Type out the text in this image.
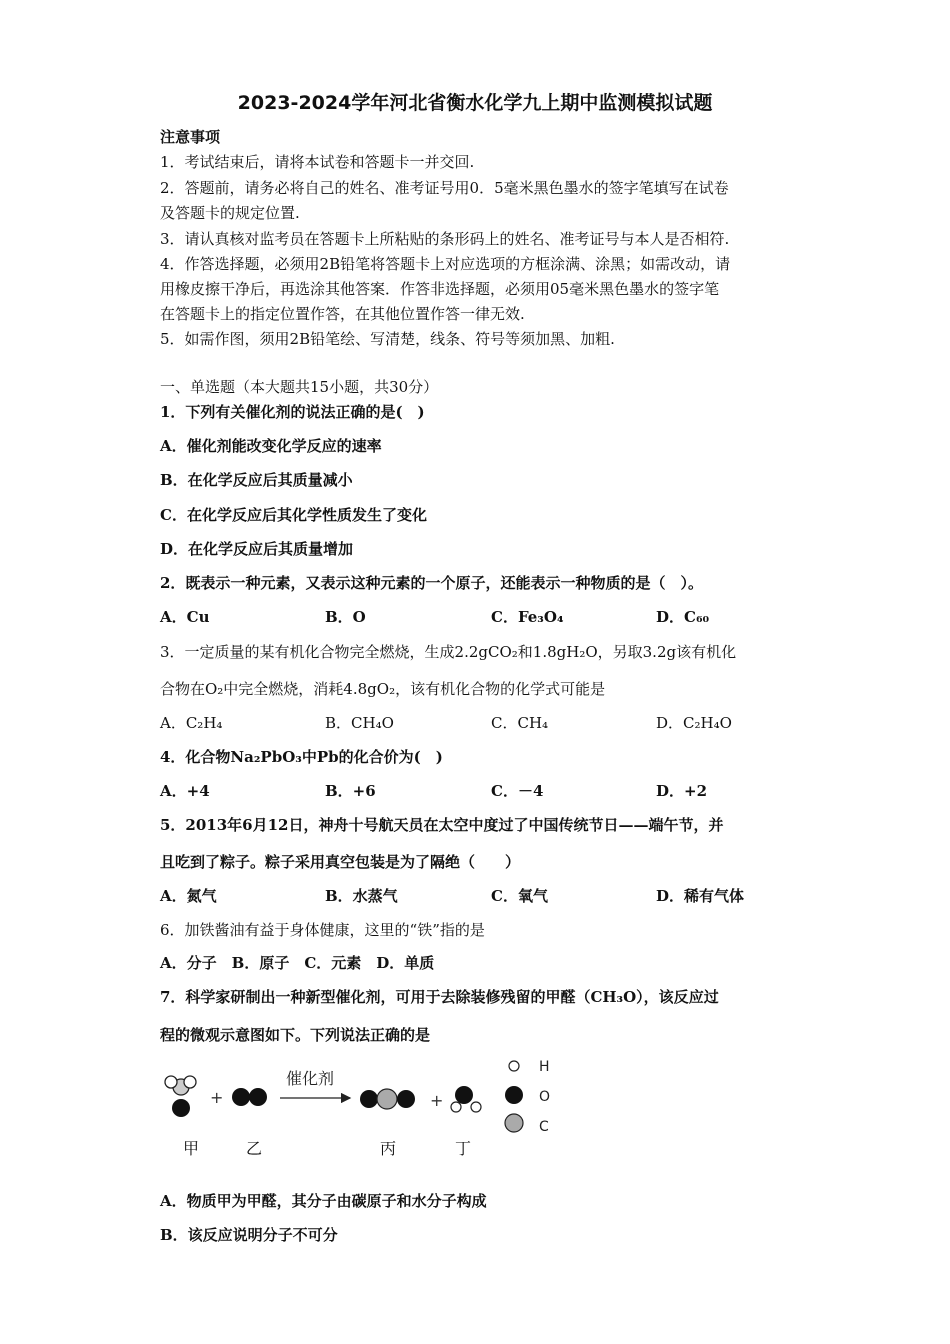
2023-2024学年河北省衡水化学九上期中监测模拟试题
注意事项
1．考试结束后，请将本试卷和答题卡一并交回.
2．答题前，请务必将自己的姓名、准考证号用0．5毫米黑色墨水的签字笔填写在试卷
及答题卡的规定位置.
3．请认真核对监考员在答题卡上所粘贴的条形码上的姓名、准考证号与本人是否相符.
4．作答选择题，必须用2B铅笔将答题卡上对应选项的方框涂满、涂黑；如需改动，请
用橡皮擦干净后，再选涂其他答案．作答非选择题，必须用05毫米黑色墨水的签字笔
在答题卡上的指定位置作答，在其他位置作答一律无效.
5．如需作图，须用2B铅笔绘、写清楚，线条、符号等须加黑、加粗.
一、单选题（本大题共15小题，共30分）
1．下列有关催化剂的说法正确的是(　)
A．催化剂能改变化学反应的速率
B．在化学反应后其质量减小
C．在化学反应后其化学性质发生了变化
D．在化学反应后其质量增加
2．既表示一种元素，又表示这种元素的一个原子，还能表示一种物质的是（　）。
A．Cu	B．O	C．Fe₃O₄	D．C₆₀
3．一定质量的某有机化合物完全燃烧，生成2.2gCO₂和1.8gH₂O，另取3.2g该有机化
合物在O₂中完全燃烧，消耗4.8gO₂，该有机化合物的化学式可能是
A．C₂H₄	B．CH₄O	C．CH₄	D．C₂H₄O
4．化合物Na₂PbO₃中Pb的化合价为(　)
A．+4	B．+6	C．－4	D．+2
5．2013年6月12日，神舟十号航天员在太空中度过了中国传统节日——端午节，并
且吃到了粽子。粽子采用真空包装是为了隔绝（　　）
A．氮气	B．水蒸气	C．氧气	D．稀有气体
6．加铁酱油有益于身体健康，这里的“铁”指的是
A．分子　B．原子　C．元素　D．单质
7．科学家研制出一种新型催化剂，可用于去除装修残留的甲醛（CH₃O），该反应过
程的微观示意图如下。下列说法正确的是
+
催化剂
+
H
O
C
甲	乙	丙	丁
A．物质甲为甲醛，其分子由碳原子和水分子构成
B．该反应说明分子不可分
